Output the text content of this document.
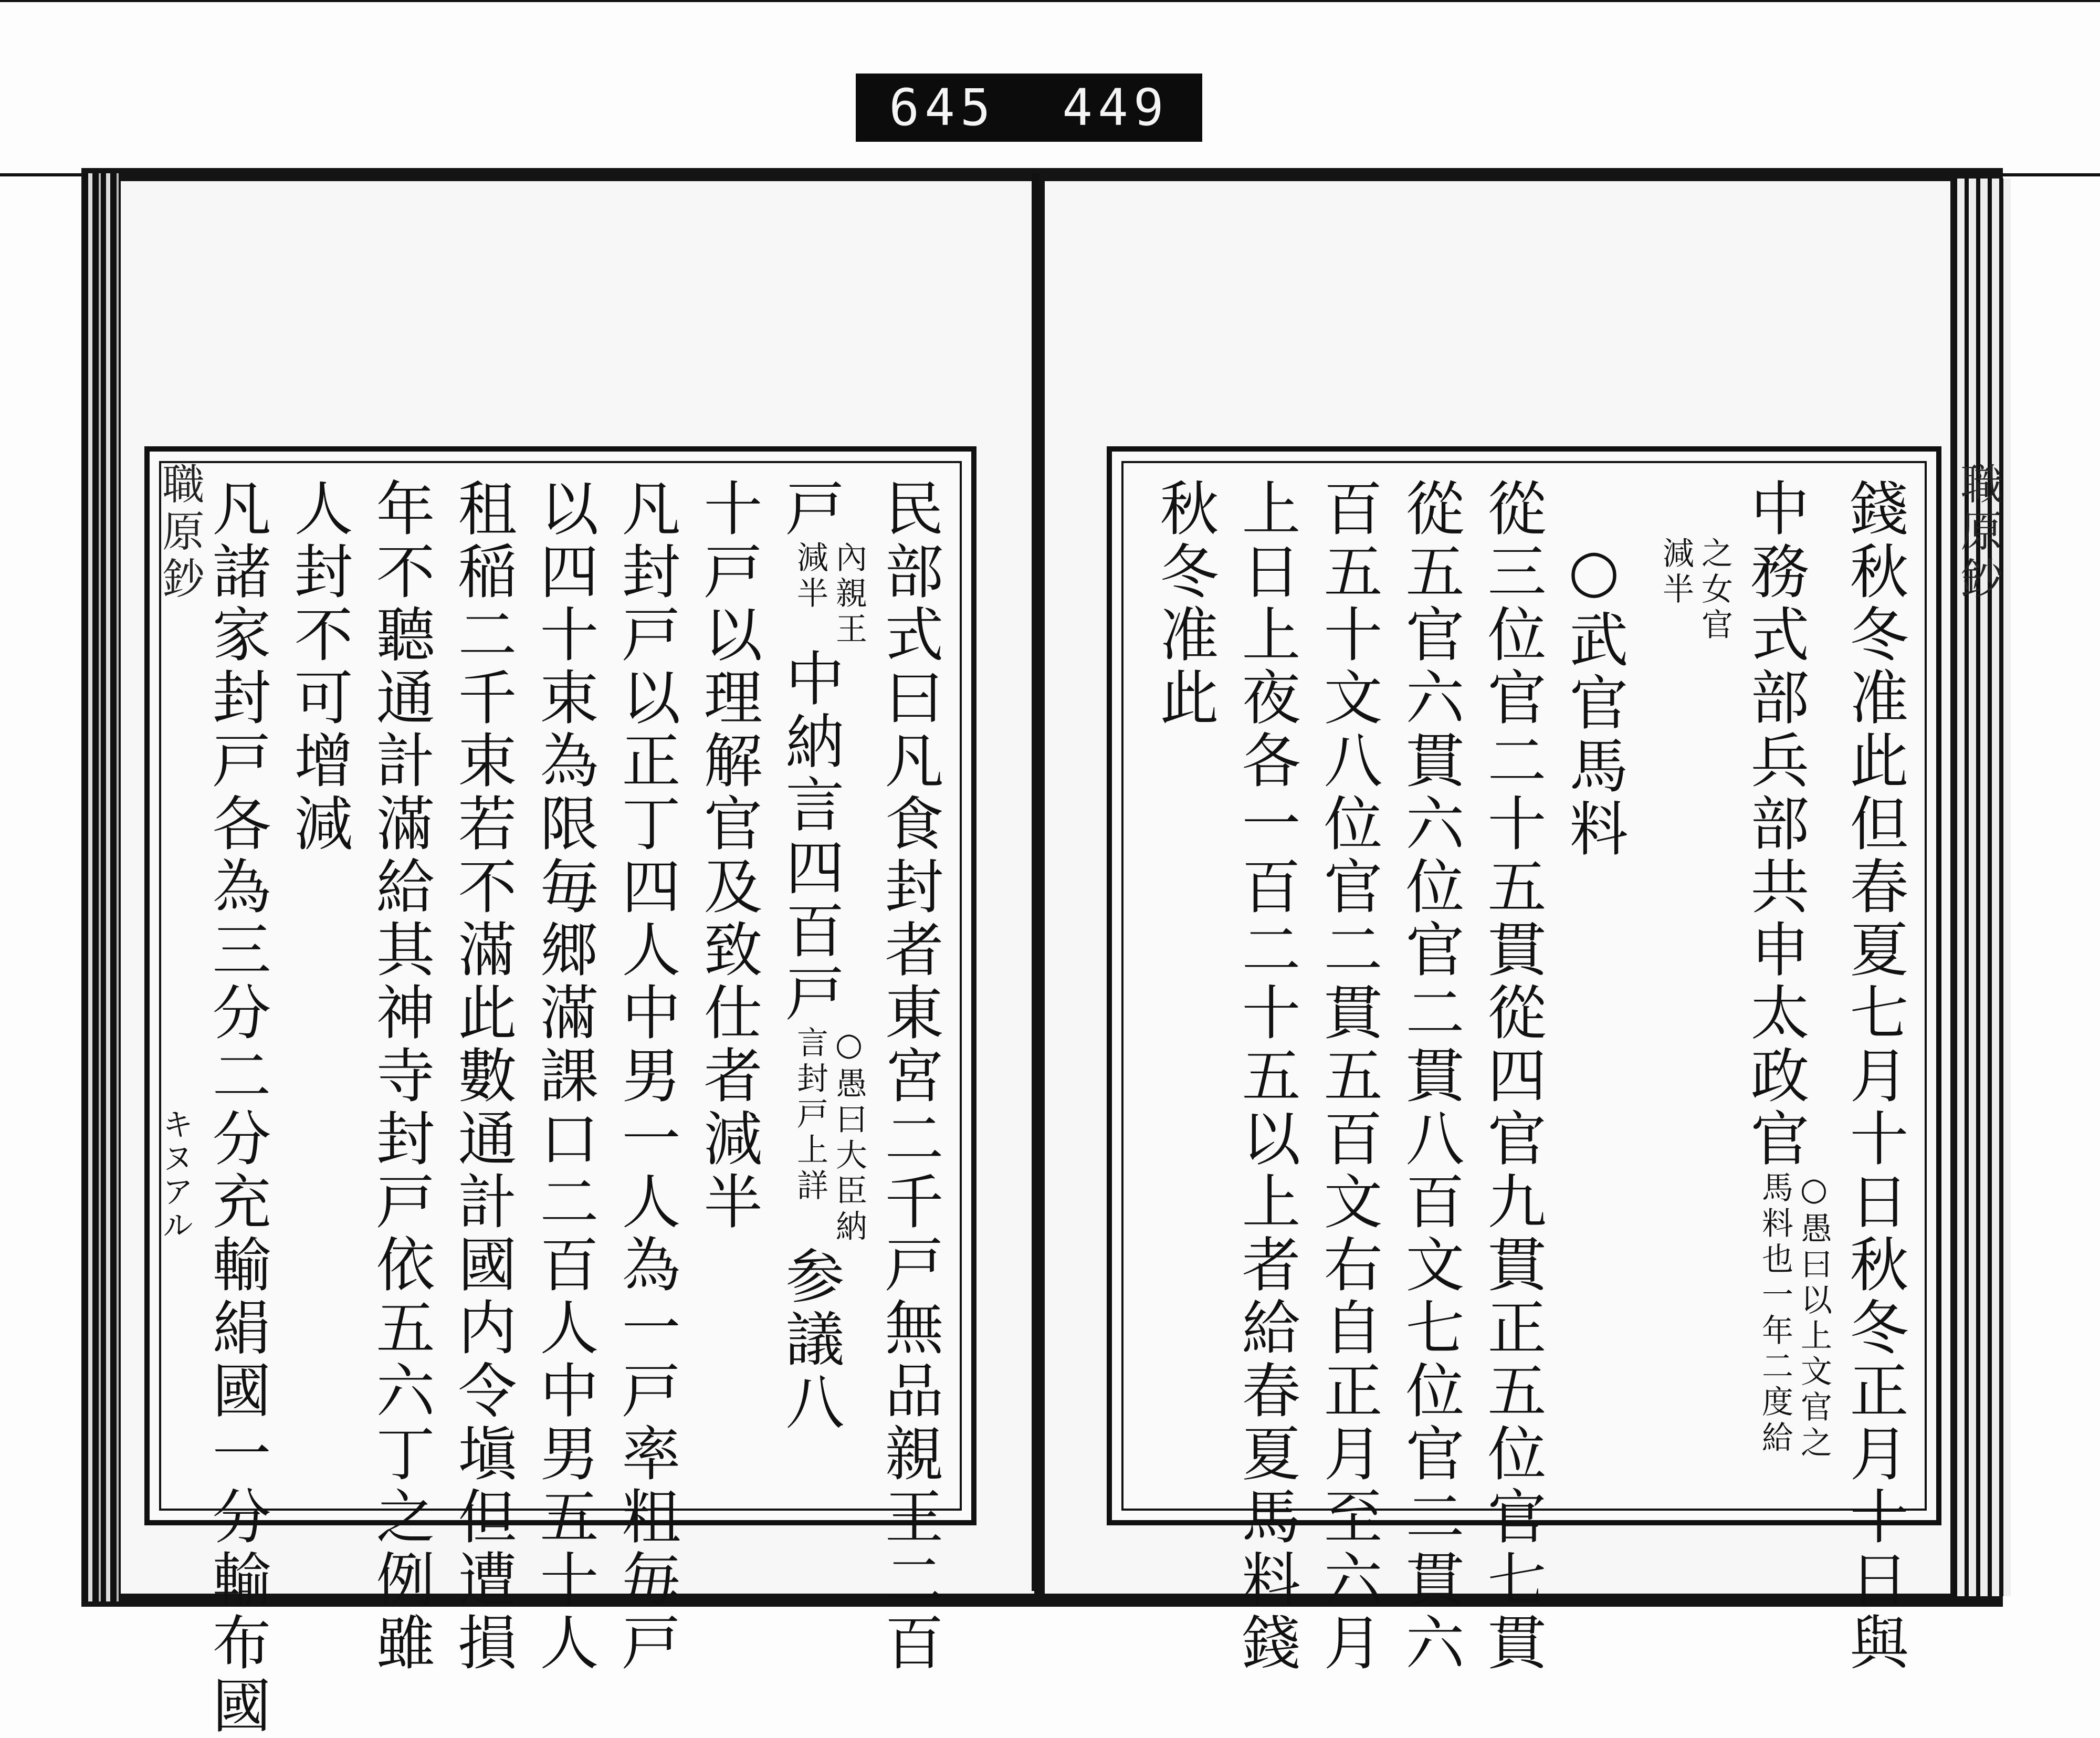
645 449
民部式曰凡食封者東宮二千戸無品親王二百
戸內親王
減半中納言四百戸○愚曰大臣納
言封戸上詳参議八
十戸以理解官及致仕者減半
凡封戸以正丁四人中男一人為一戸率粗毎戸
以四十束為限毎郷滿課口二百人中男五十人
租稲二千束若不滿此數通計國内令塡但遭損
年不聽通計滿給其神寺封戸依五六丁之例雖
人封不可增減
凡諸家封戸各為三分二分充輸絹國一分輸布國
キヌアル
職原鈔	錢秋冬准此但春夏七月十日秋冬正月十日與
中務式部兵部共申太政官○愚曰以上文官之
馬料也一年二度給
之女官
減半
○武官馬料
從三位官二十五貫從四官九貫正五位官七貫
從五官六貫六位官二貫八百文七位官二貫六
百五十文八位官二貫五百文右自正月至六月
上日上夜各一百二十五以上者給春夏馬料錢
秋冬准此	職原鈔
